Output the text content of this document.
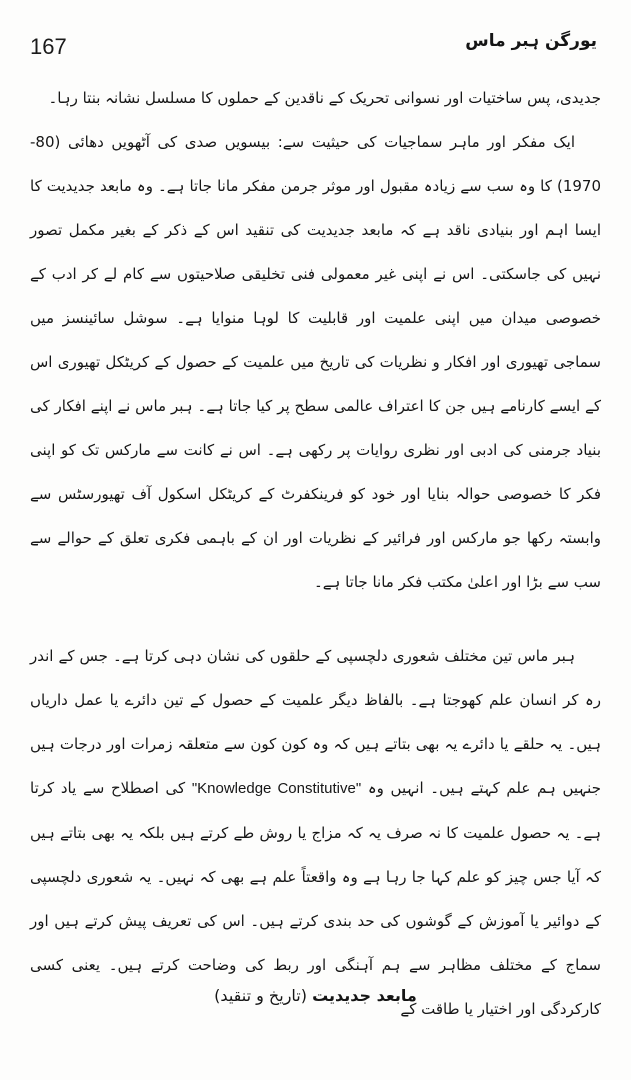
167	یورگن ہبر ماس

جدیدی، پس ساختیات اور نسوانی تحریک کے ناقدین کے حملوں کا مسلسل نشانہ بنتا رہا۔

ایک مفکر اور ماہر سماجیات کی حیثیت سے: بیسویں صدی کی آٹھویں دھائی (80-1970) کا وہ سب سے زیادہ مقبول اور موثر جرمن مفکر مانا جاتا ہے۔ وہ مابعد جدیدیت کا ایسا اہم اور بنیادی ناقد ہے کہ مابعد جدیدیت کی تنقید اس کے ذکر کے بغیر مکمل تصور نہیں کی جاسکتی۔ اس نے اپنی غیر معمولی فنی تخلیقی صلاحیتوں سے کام لے کر ادب کے خصوصی میدان میں اپنی علمیت اور قابلیت کا لوہا منوایا ہے۔ سوشل سائینسز میں سماجی تھیوری اور افکار و نظریات کی تاریخ میں علمیت کے حصول کے کریٹکل تھیوری اس کے ایسے کارنامے ہیں جن کا اعتراف عالمی سطح پر کیا جاتا ہے۔ ہبر ماس نے اپنے افکار کی بنیاد جرمنی کی ادبی اور نظری روایات پر رکھی ہے۔ اس نے کانت سے مارکس تک کو اپنی فکر کا خصوصی حوالہ بنایا اور خود کو فرینکفرٹ کے کریٹکل اسکول آف تھیورسٹس سے وابستہ رکھا جو مارکس اور فرائیر کے نظریات اور ان کے باہمی فکری تعلق کے حوالے سے سب سے بڑا اور اعلیٰ مکتب فکر مانا جاتا ہے۔

ہبر ماس تین مختلف شعوری دلچسپی کے حلقوں کی نشان دہی کرتا ہے۔ جس کے اندر رہ کر انسان علم کھوجتا ہے۔ بالفاظ دیگر علمیت کے حصول کے تین دائرے یا عمل داریاں ہیں۔ یہ حلقے یا دائرے یہ بھی بتاتے ہیں کہ وہ کون کون سے متعلقہ زمرات اور درجات ہیں جنہیں ہم علم کہتے ہیں۔ انہیں وہ "Knowledge Constitutive" کی اصطلاح سے یاد کرتا ہے۔ یہ حصول علمیت کا نہ صرف یہ کہ مزاج یا روش طے کرتے ہیں بلکہ یہ بھی بتاتے ہیں کہ آیا جس چیز کو علم کہا جا رہا ہے وہ واقعتاً علم ہے بھی کہ نہیں۔ یہ شعوری دلچسپی کے دوائیر یا آموزش کے گوشوں کی حد بندی کرتے ہیں۔ اس کی تعریف پیش کرتے ہیں اور سماج کے مختلف مظاہر سے ہم آہنگی اور ربط کی وضاحت کرتے ہیں۔ یعنی کسی کارکردگی اور اختیار یا طاقت کے

مابعد جدیدیت (تاریخ و تنقید)
